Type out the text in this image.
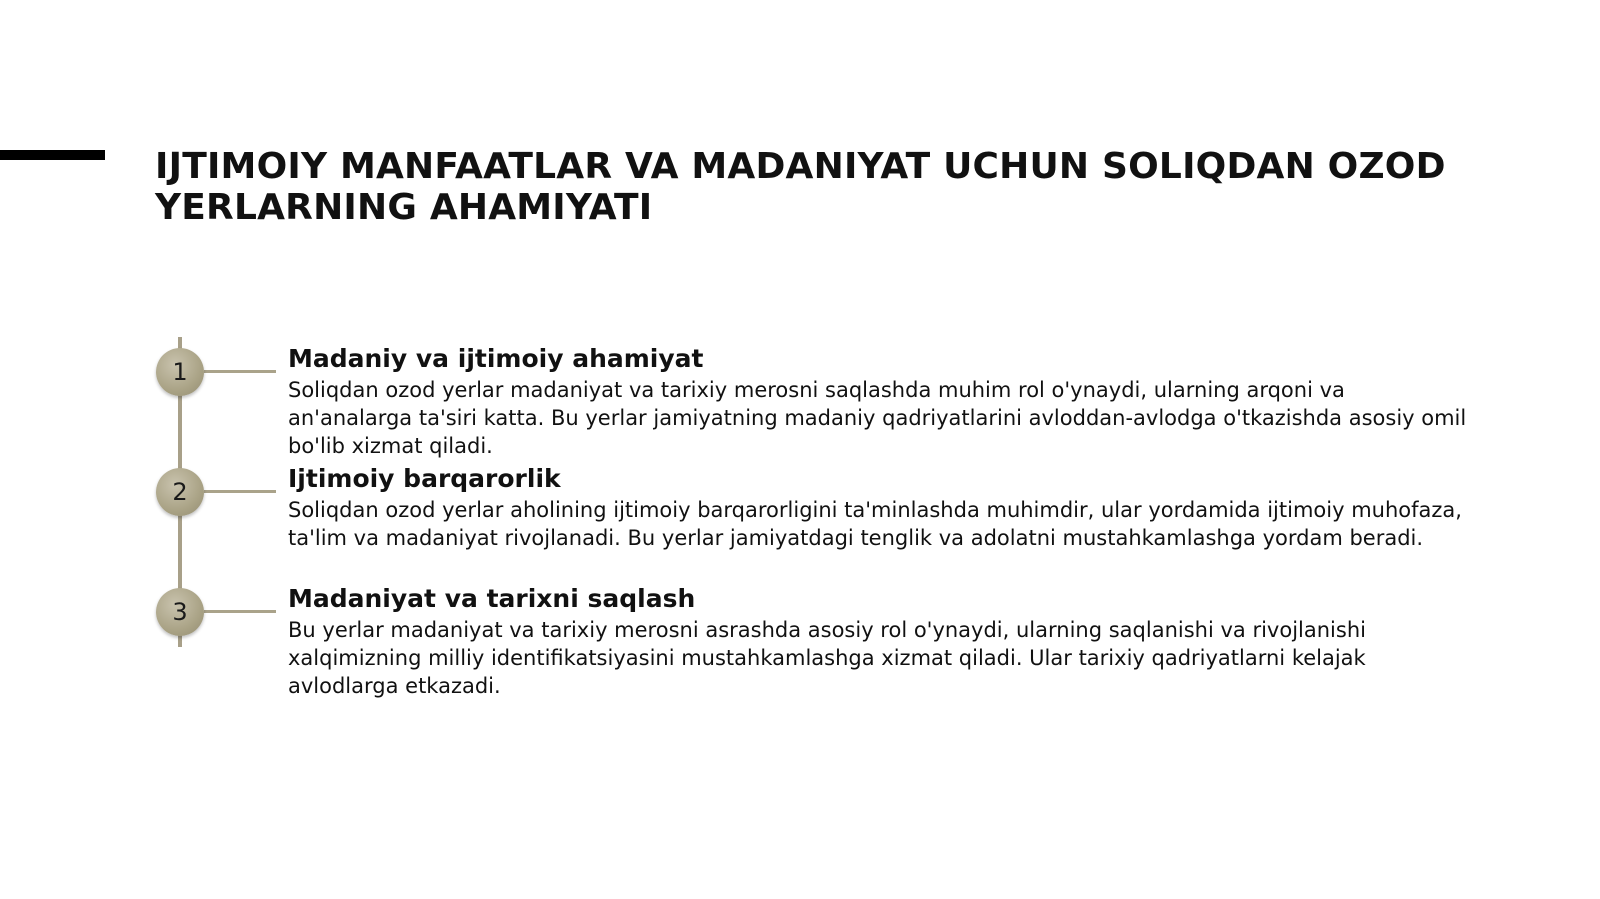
IJTIMOIY MANFAATLAR VA MADANIYAT UCHUN SOLIQDAN OZOD YERLARNING AHAMIYATI
1	Madaniy va ijtimoiy ahamiyat

Soliqdan ozod yerlar madaniyat va tarixiy merosni saqlashda muhim rol o'ynaydi, ularning arqoni va an'analarga ta'siri katta. Bu yerlar jamiyatning madaniy qadriyatlarini avloddan-avlodga o'tkazishda asosiy omil bo'lib xizmat qiladi.

2	Ijtimoiy barqarorlik

Soliqdan ozod yerlar aholining ijtimoiy barqarorligini ta'minlashda muhimdir, ular yordamida ijtimoiy muhofaza, ta'lim va madaniyat rivojlanadi. Bu yerlar jamiyatdagi tenglik va adolatni mustahkamlashga yordam beradi.

3	Madaniyat va tarixni saqlash

Bu yerlar madaniyat va tarixiy merosni asrashda asosiy rol o'ynaydi, ularning saqlanishi va rivojlanishi xalqimizning milliy identifikatsiyasini mustahkamlashga xizmat qiladi. Ular tarixiy qadriyatlarni kelajak avlodlarga etkazadi.
